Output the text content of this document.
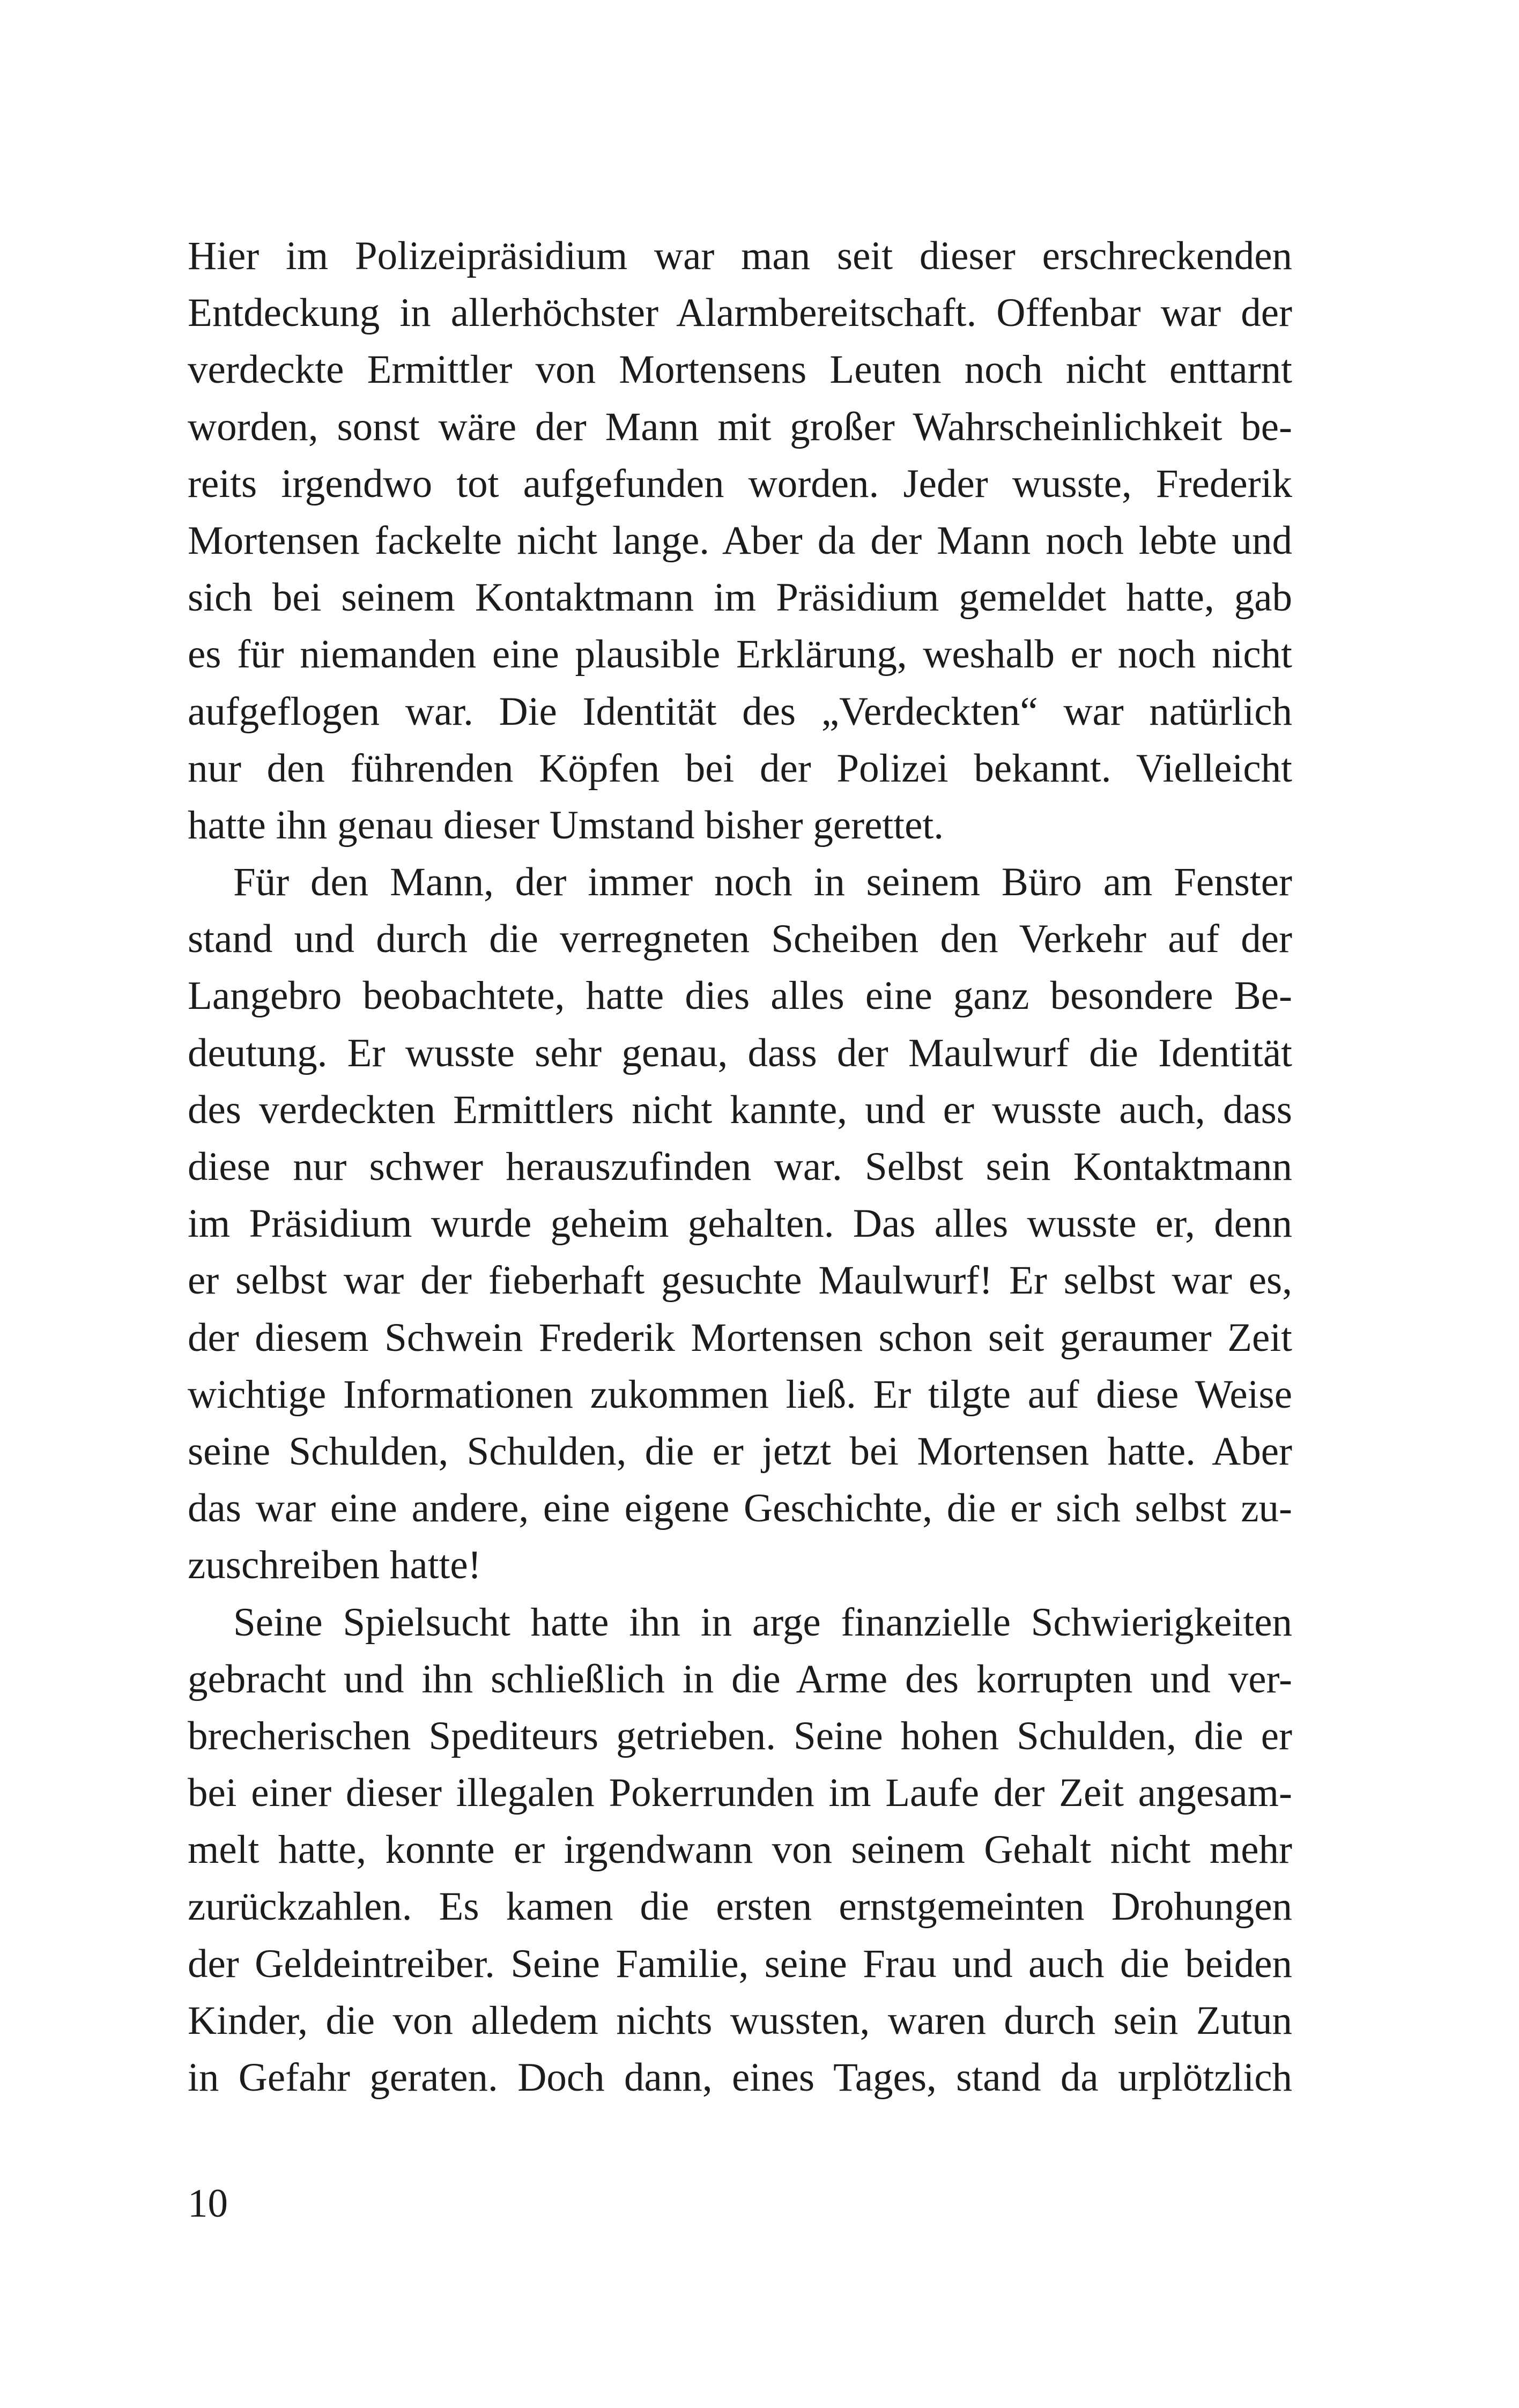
Hier im Polizeipräsidium war man seit dieser erschreckenden
Entdeckung in allerhöchster Alarmbereitschaft. Offenbar war der
verdeckte Ermittler von Mortensens Leuten noch nicht enttarnt
worden, sonst wäre der Mann mit großer Wahrscheinlichkeit be-
reits irgendwo tot aufgefunden worden. Jeder wusste, Frederik
Mortensen fackelte nicht lange. Aber da der Mann noch lebte und
sich bei seinem Kontaktmann im Präsidium gemeldet hatte, gab
es für niemanden eine plausible Erklärung, weshalb er noch nicht
aufgeflogen war. Die Identität des „Verdeckten“ war natürlich
nur den führenden Köpfen bei der Polizei bekannt. Vielleicht
hatte ihn genau dieser Umstand bisher gerettet.
Für den Mann, der immer noch in seinem Büro am Fenster
stand und durch die verregneten Scheiben den Verkehr auf der
Langebro beobachtete, hatte dies alles eine ganz besondere Be-
deutung. Er wusste sehr genau, dass der Maulwurf die Identität
des verdeckten Ermittlers nicht kannte, und er wusste auch, dass
diese nur schwer herauszufinden war. Selbst sein Kontaktmann
im Präsidium wurde geheim gehalten. Das alles wusste er, denn
er selbst war der fieberhaft gesuchte Maulwurf! Er selbst war es,
der diesem Schwein Frederik Mortensen schon seit geraumer Zeit
wichtige Informationen zukommen ließ. Er tilgte auf diese Weise
seine Schulden, Schulden, die er jetzt bei Mortensen hatte. Aber
das war eine andere, eine eigene Geschichte, die er sich selbst zu-
zuschreiben hatte!
Seine Spielsucht hatte ihn in arge finanzielle Schwierigkeiten
gebracht und ihn schließlich in die Arme des korrupten und ver-
brecherischen Spediteurs getrieben. Seine hohen Schulden, die er
bei einer dieser illegalen Pokerrunden im Laufe der Zeit angesam-
melt hatte, konnte er irgendwann von seinem Gehalt nicht mehr
zurückzahlen. Es kamen die ersten ernstgemeinten Drohungen
der Geldeintreiber. Seine Familie, seine Frau und auch die beiden
Kinder, die von alledem nichts wussten, waren durch sein Zutun
in Gefahr geraten. Doch dann, eines Tages, stand da urplötzlich
10
